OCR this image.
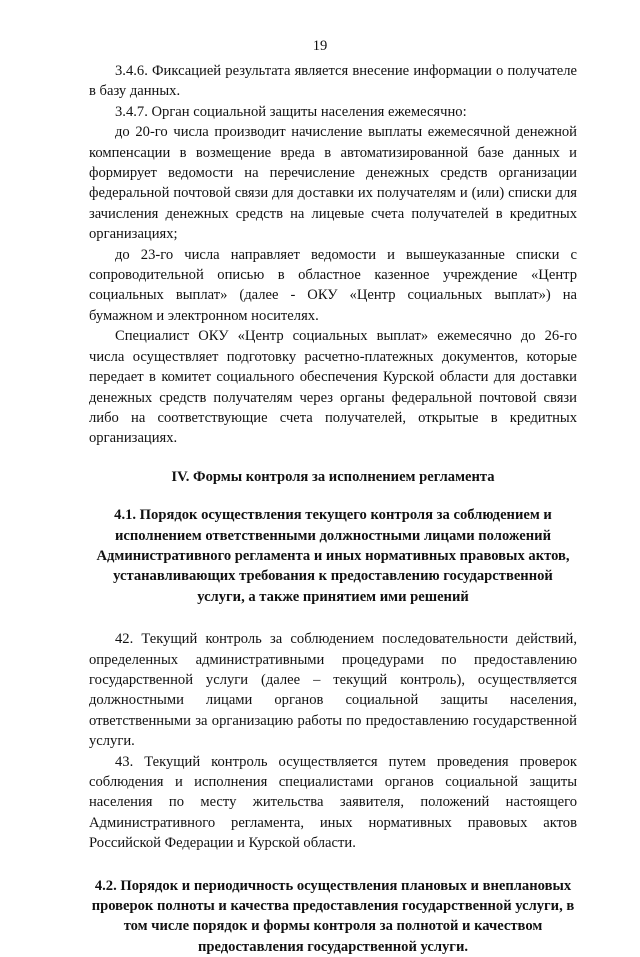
19

3.4.6. Фиксацией результата является внесение информации о получателе в базу данных.

3.4.7. Орган социальной защиты населения ежемесячно:

до 20-го числа производит начисление выплаты ежемесячной денежной компенсации в возмещение вреда в автоматизированной базе данных и формирует ведомости на перечисление денежных средств организации федеральной почтовой связи для доставки их получателям и (или) списки для зачисления денежных средств на лицевые счета получателей в кредитных организациях;

до 23-го числа направляет ведомости и вышеуказанные списки с сопроводительной описью в областное казенное учреждение «Центр социальных выплат» (далее - ОКУ «Центр социальных выплат») на бумажном и электронном носителях.

Специалист ОКУ «Центр социальных выплат» ежемесячно до 26-го числа осуществляет подготовку расчетно-платежных документов, которые передает в комитет социального обеспечения Курской области для доставки денежных средств получателям через органы федеральной почтовой связи либо на соответствующие счета получателей, открытые в кредитных организациях.

IV. Формы контроля за исполнением регламента

4.1. Порядок осуществления текущего контроля за соблюдением и исполнением ответственными должностными лицами положений Административного регламента и иных нормативных правовых актов, устанавливающих требования к предоставлению государственной услуги, а также принятием ими решений

42. Текущий контроль за соблюдением последовательности действий, определенных административными процедурами по предоставлению государственной услуги (далее – текущий контроль), осуществляется должностными лицами органов социальной защиты населения, ответственными за организацию работы по предоставлению государственной услуги.

43. Текущий контроль осуществляется путем проведения проверок соблюдения и исполнения специалистами органов социальной защиты населения по месту жительства заявителя, положений настоящего Административного регламента, иных нормативных правовых актов Российской Федерации и Курской области.

4.2. Порядок и периодичность осуществления плановых и внеплановых проверок полноты и качества предоставления государственной услуги, в том числе порядок и формы контроля за полнотой и качеством предоставления государственной услуги.
